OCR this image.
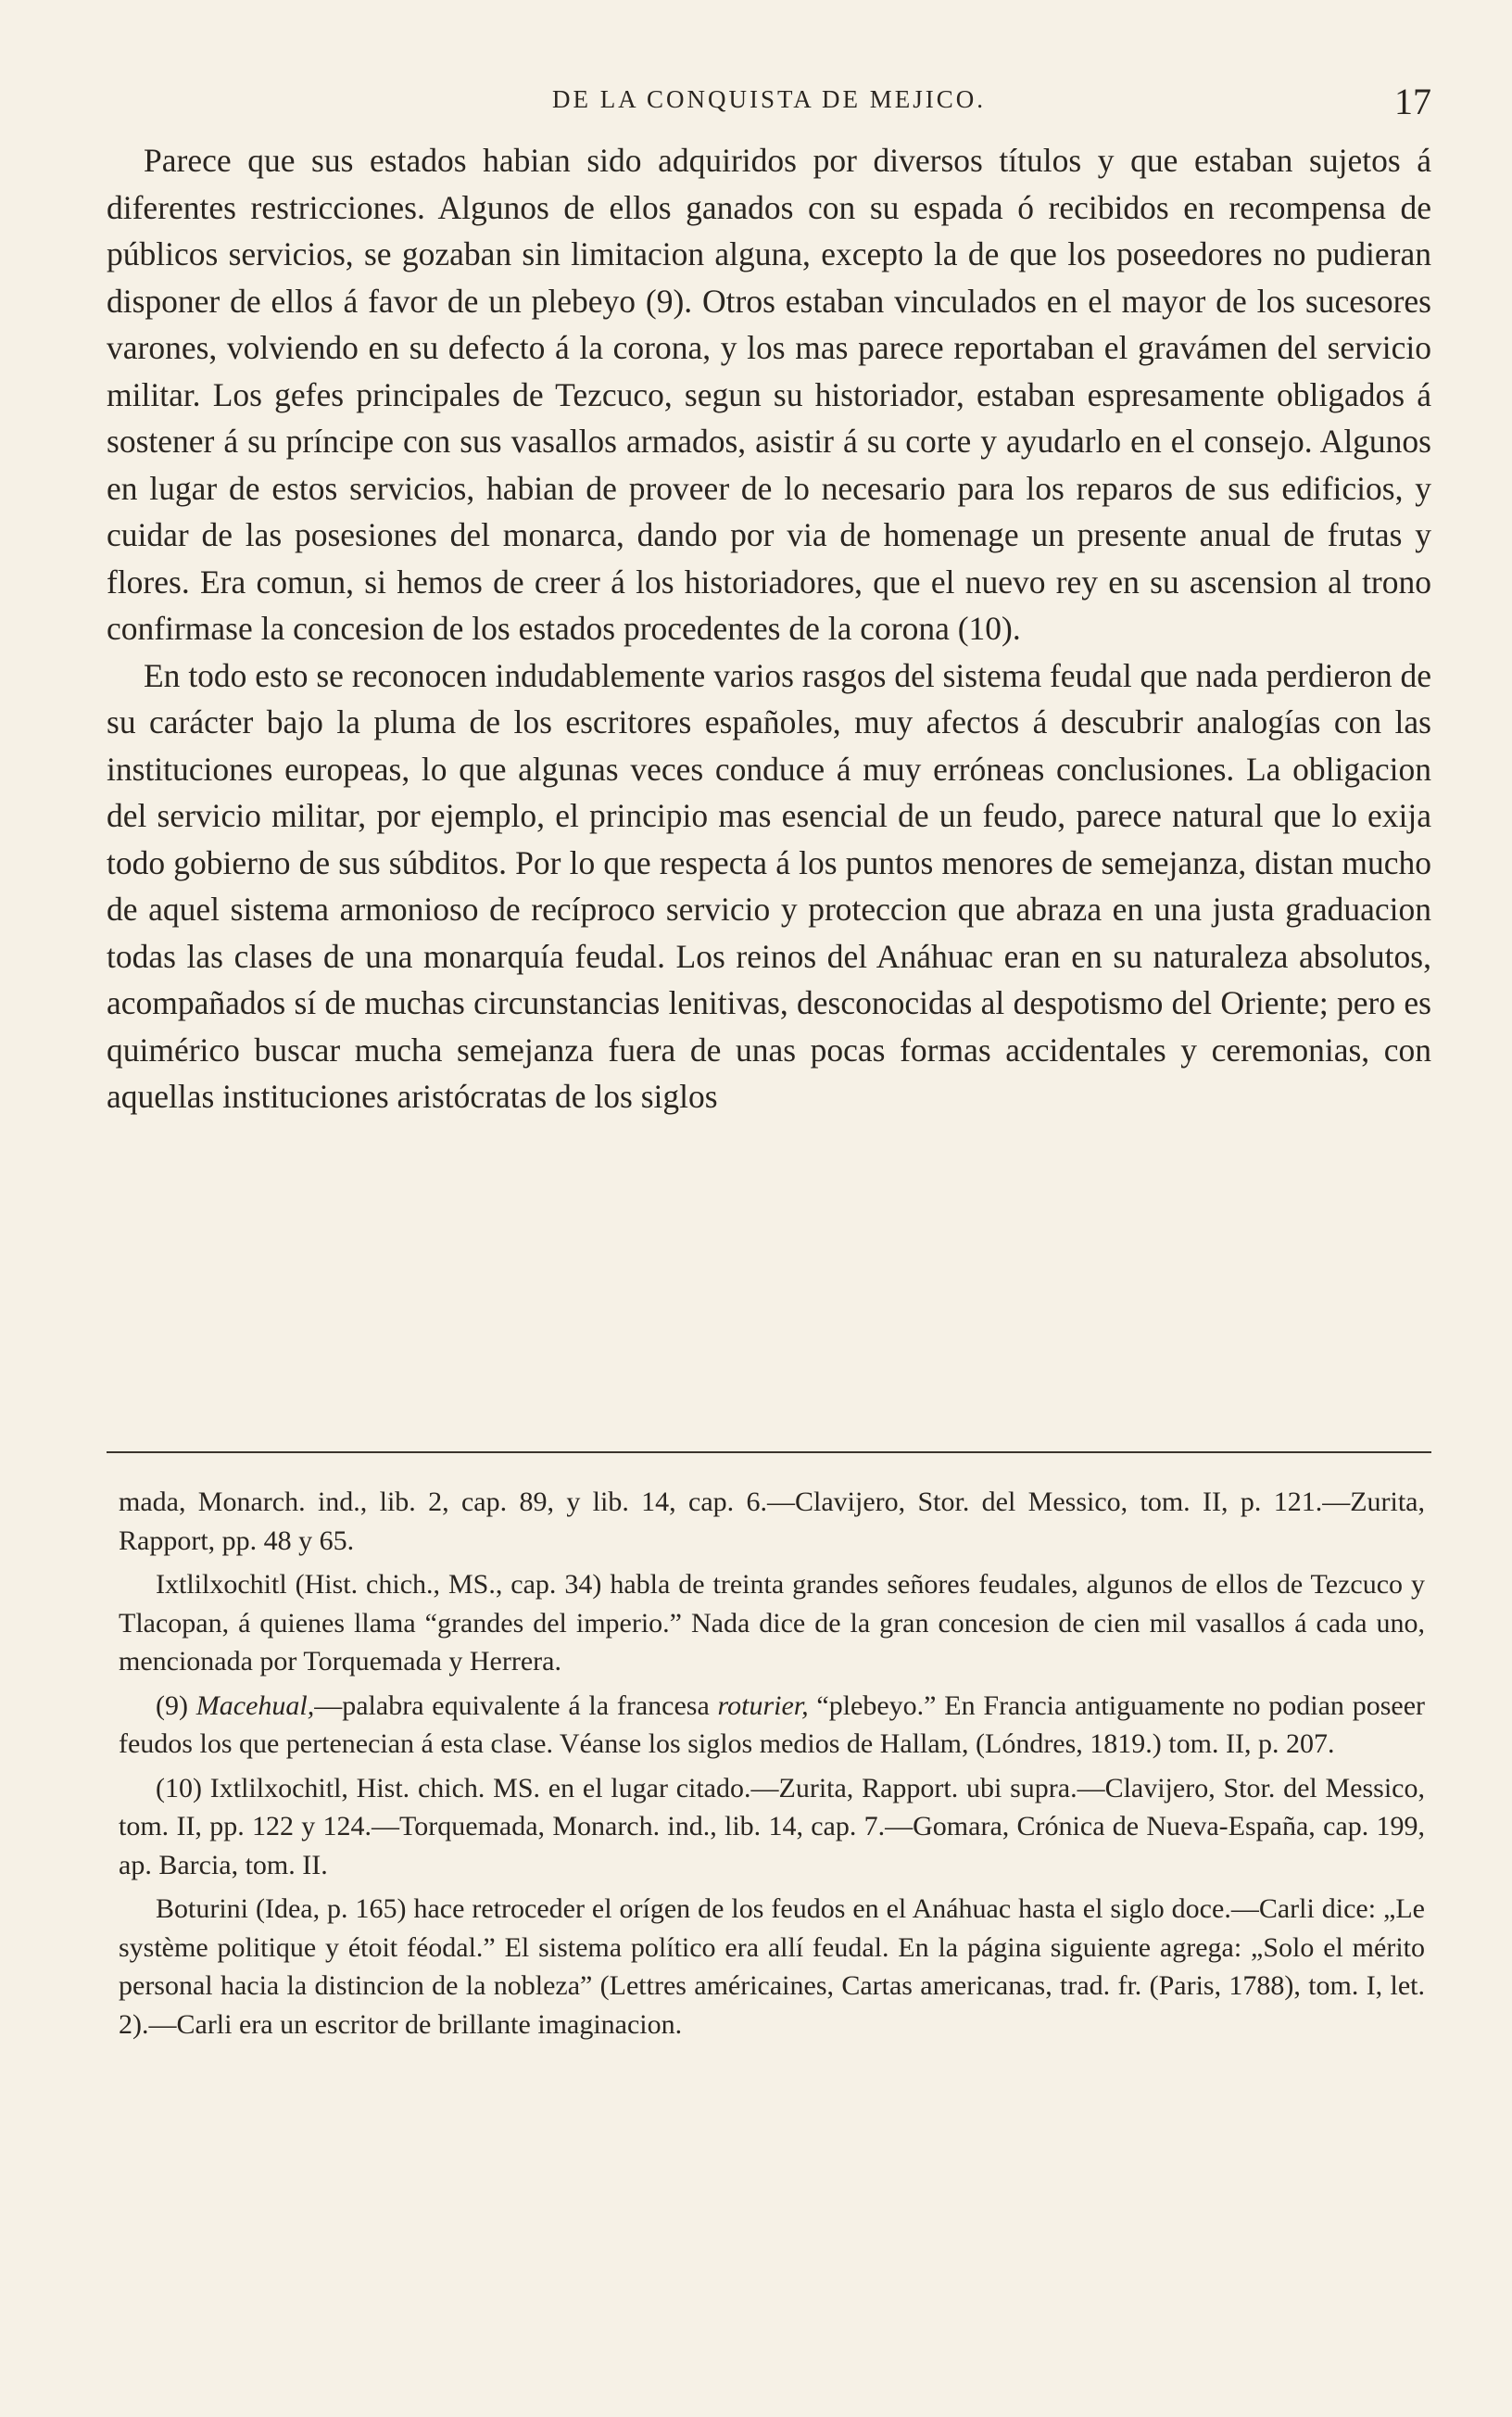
DE LA CONQUISTA DE MEJICO.	17

Parece que sus estados habian sido adquiridos por diversos títulos y que estaban sujetos á diferentes restricciones. Algunos de ellos ganados con su espada ó recibidos en recompensa de públicos servicios, se gozaban sin limitacion alguna, excepto la de que los poseedores no pudieran disponer de ellos á favor de un plebeyo (9). Otros estaban vinculados en el mayor de los sucesores varones, volviendo en su defecto á la corona, y los mas parece reportaban el gravámen del servicio militar. Los gefes principales de Tezcuco, segun su historiador, estaban espresamente obligados á sostener á su príncipe con sus vasallos armados, asistir á su corte y ayudarlo en el consejo. Algunos en lugar de estos servicios, habian de proveer de lo necesario para los reparos de sus edificios, y cuidar de las posesiones del monarca, dando por via de homenage un presente anual de frutas y flores. Era comun, si hemos de creer á los historiadores, que el nuevo rey en su ascension al trono confirmase la concesion de los estados procedentes de la corona (10).

En todo esto se reconocen indudablemente varios rasgos del sistema feudal que nada perdieron de su carácter bajo la pluma de los escritores españoles, muy afectos á descubrir analogías con las instituciones europeas, lo que algunas veces conduce á muy erróneas conclusiones. La obligacion del servicio militar, por ejemplo, el principio mas esencial de un feudo, parece natural que lo exija todo gobierno de sus súbditos. Por lo que respecta á los puntos menores de semejanza, distan mucho de aquel sistema armonioso de recíproco servicio y proteccion que abraza en una justa graduacion todas las clases de una monarquía feudal. Los reinos del Anáhuac eran en su naturaleza absolutos, acompañados sí de muchas circunstancias lenitivas, desconocidas al despotismo del Oriente; pero es quimérico buscar mucha semejanza fuera de unas pocas formas accidentales y ceremonias, con aquellas instituciones aristócratas de los siglos

mada, Monarch. ind., lib. 2, cap. 89, y lib. 14, cap. 6.—Clavijero, Stor. del Messico, tom. II, p. 121.—Zurita, Rapport, pp. 48 y 65.

Ixtlilxochitl (Hist. chich., MS., cap. 34) habla de treinta grandes señores feudales, algunos de ellos de Tezcuco y Tlacopan, á quienes llama “grandes del imperio.” Nada dice de la gran concesion de cien mil vasallos á cada uno, mencionada por Torquemada y Herrera.

(9) Macehual,—palabra equivalente á la francesa roturier, “plebeyo.” En Francia antiguamente no podian poseer feudos los que pertenecian á esta clase. Véanse los siglos medios de Hallam, (Lóndres, 1819.) tom. II, p. 207.

(10) Ixtlilxochitl, Hist. chich. MS. en el lugar citado.—Zurita, Rapport. ubi supra.—Clavijero, Stor. del Messico, tom. II, pp. 122 y 124.—Torquemada, Monarch. ind., lib. 14, cap. 7.—Gomara, Crónica de Nueva-España, cap. 199, ap. Barcia, tom. II.

Boturini (Idea, p. 165) hace retroceder el orígen de los feudos en el Anáhuac hasta el siglo doce.—Carli dice: „Le système politique y étoit féodal.” El sistema político era allí feudal. En la página siguiente agrega: „Solo el mérito personal hacia la distincion de la nobleza” (Lettres américaines, Cartas americanas, trad. fr. (Paris, 1788), tom. I, let. 2).—Carli era un escritor de brillante imaginacion.
